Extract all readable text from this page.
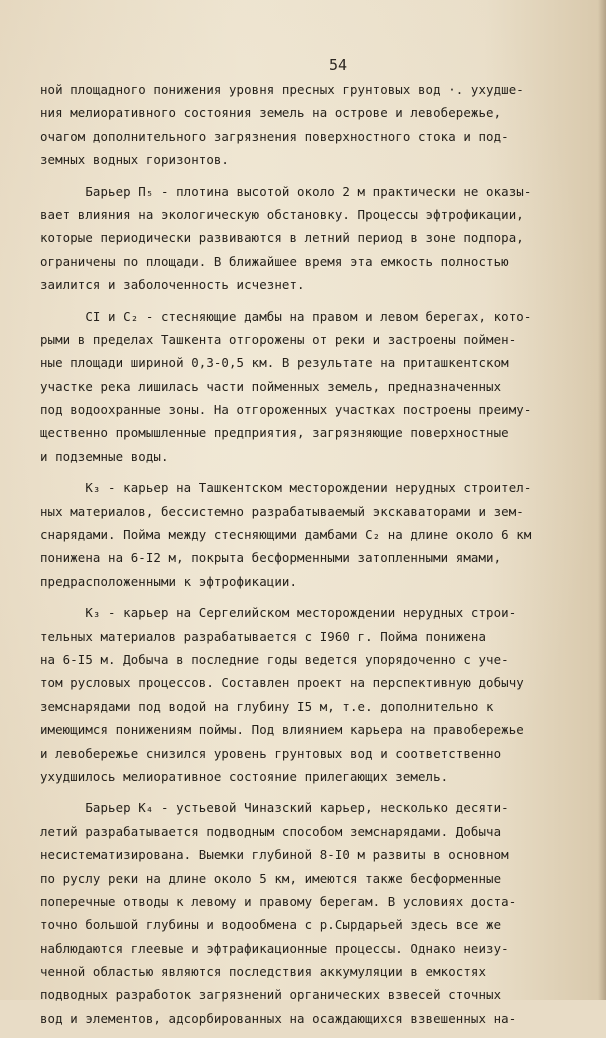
54
ной площадного понижения уровня пресных грунтовых вод ·. ухудше-
ния мелиоративного состояния земель на острове и левобережье,
очагом дополнительного загрязнения поверхностного стока и под-
земных водных горизонтов.
Барьер П₅ - плотина высотой около 2 м практически не оказы-
вает влияния на экологическую обстановку. Процессы эфтрофикации,
которые периодически развиваются в летний период в зоне подпора,
ограничены по площади. В ближайшее время эта емкость полностью
заилится и заболоченность исчезнет.
СI и С₂ - стесняющие дамбы на правом и левом берегах, кото-
рыми в пределах Ташкента отгорожены от реки и застроены поймен-
ные площади шириной 0,3-0,5 км. В результате на приташкентском
участке река лишилась части пойменных земель, предназначенных
под водоохранные зоны. На отгороженных участках построены преиму-
щественно промышленные предприятия, загрязняющие поверхностные
и подземные воды.
К₃ - карьер на Ташкентском месторождении нерудных строител-
ных материалов, бессистемно разрабатываемый экскаваторами и зем-
снарядами. Пойма между стесняющими дамбами С₂ на длине около 6 км
понижена на 6-I2 м, покрыта бесформенными затопленными ямами,
предрасположенными к эфтрофикации.
К₃ - карьер на Сергелийском месторождении нерудных строи-
тельных материалов разрабатывается с I960 г. Пойма понижена
на 6-I5 м. Добыча в последние годы ведется упорядоченно с уче-
том русловых процессов. Составлен проект на перспективную добычу
земснарядами под водой на глубину I5 м, т.е. дополнительно к
имеющимся понижениям поймы. Под влиянием карьера на правобережье
и левобережье снизился уровень грунтовых вод и соответственно
ухудшилось мелиоративное состояние прилегающих земель.
Барьер К₄ - устьевой Чиназский карьер, несколько десяти-
летий разрабатывается подводным способом земснарядами. Добыча
несистематизирована. Выемки глубиной 8-I0 м развиты в основном
по руслу реки на длине около 5 км, имеются также бесформенные
поперечные отводы к левому и правому берегам. В условиях доста-
точно большой глубины и водообмена с р.Сырдарьей здесь все же
наблюдаются глеевые и эфтрафикационные процессы. Однако неизу-
ченной областью являются последствия аккумуляции в емкостях
подводных разработок загрязнений органических взвесей сточных
вод и элементов, адсорбированных на осаждающихся взвешенных на-
